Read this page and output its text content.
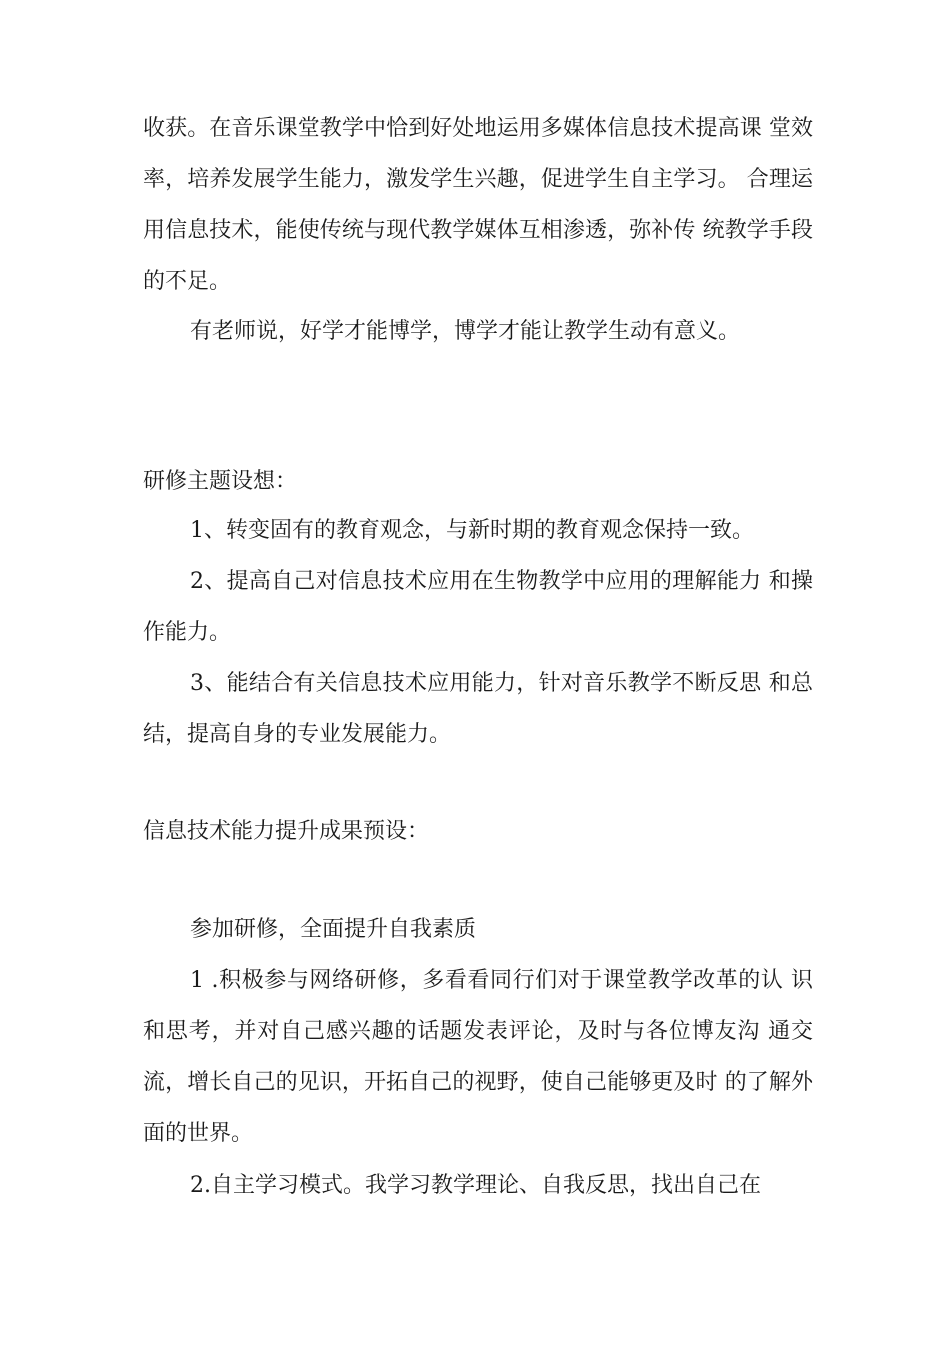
收获。在音乐课堂教学中恰到好处地运用多媒体信息技术提高课 堂效率，培养发展学生能力，激发学生兴趣，促进学生自主学习。 合理运用信息技术，能使传统与现代教学媒体互相渗透，弥补传 统教学手段的不足。

有老师说，好学才能博学，博学才能让教学生动有意义。

研修主题设想：

1、转变固有的教育观念，与新时期的教育观念保持一致。

2、提高自己对信息技术应用在生物教学中应用的理解能力 和操作能力。

3、能结合有关信息技术应用能力，针对音乐教学不断反思 和总结，提高自身的专业发展能力。

信息技术能力提升成果预设：

参加研修，全面提升自我素质

1 .积极参与网络研修，多看看同行们对于课堂教学改革的认 识和思考，并对自己感兴趣的话题发表评论，及时与各位博友沟 通交流，增长自己的见识，开拓自己的视野，使自己能够更及时 的了解外面的世界。

2.自主学习模式。我学习教学理论、自我反思，找出自己在
